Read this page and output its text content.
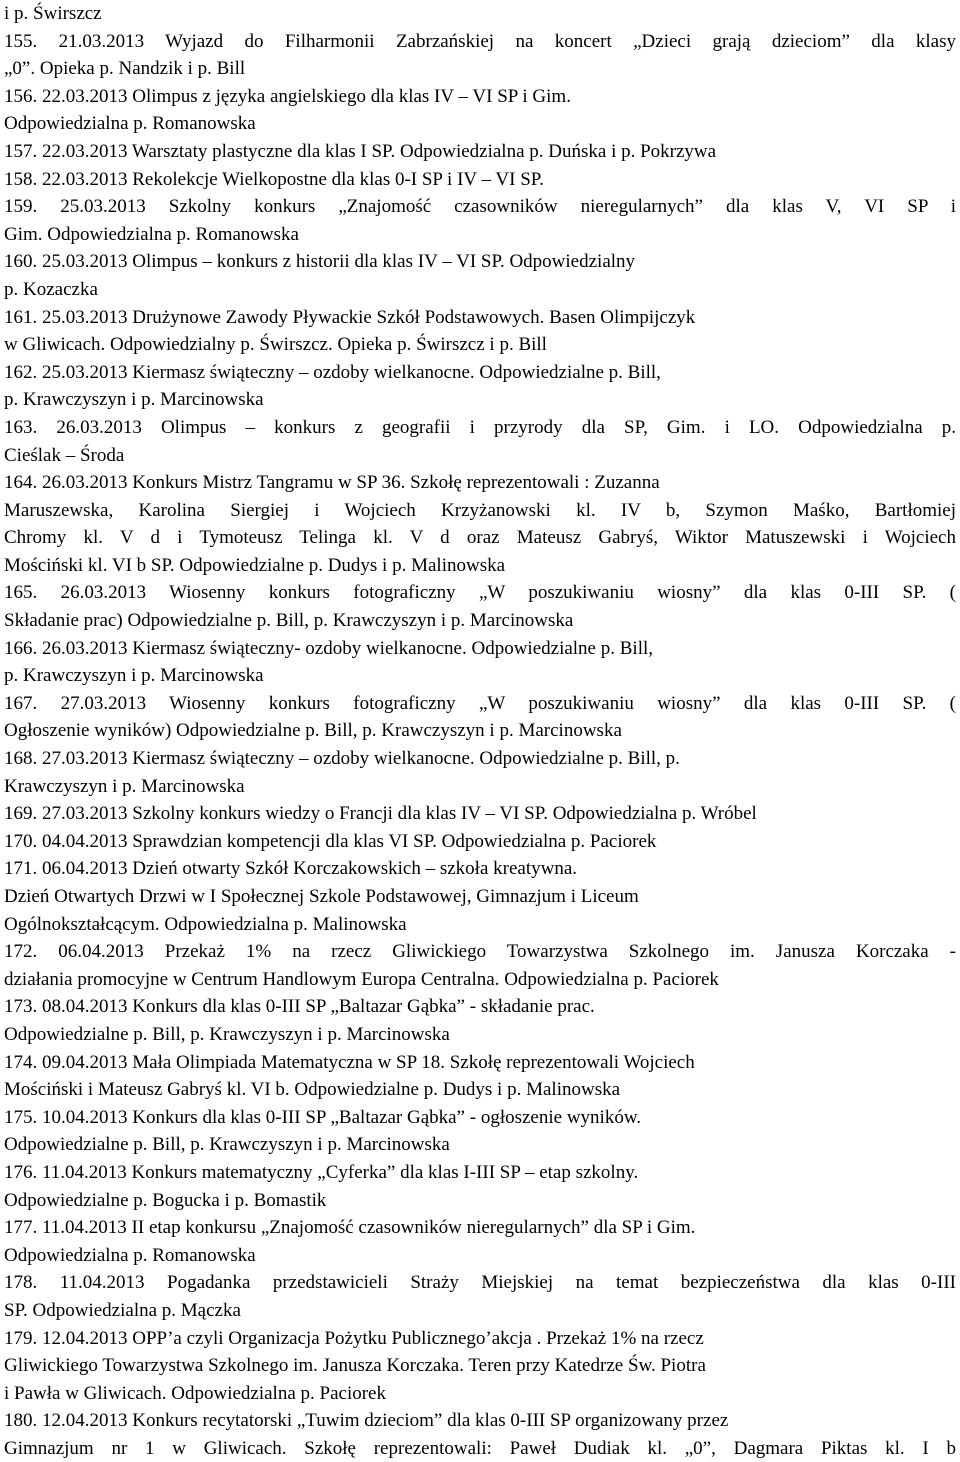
i p. Świrszcz
155. 21.03.2013 Wyjazd do Filharmonii Zabrzańskiej na koncert „Dzieci grają dzieciom” dla klasy
„0”. Opieka p. Nandzik i p. Bill
156. 22.03.2013 Olimpus z języka angielskiego dla klas IV – VI SP i Gim.
Odpowiedzialna p. Romanowska
157. 22.03.2013 Warsztaty plastyczne dla klas I SP. Odpowiedzialna p. Duńska i p. Pokrzywa
158. 22.03.2013 Rekolekcje Wielkopostne dla klas 0-I SP i IV – VI SP.
159. 25.03.2013 Szkolny konkurs „Znajomość czasowników nieregularnych” dla klas V, VI SP i
Gim. Odpowiedzialna p. Romanowska
160. 25.03.2013 Olimpus – konkurs z historii dla klas IV – VI SP. Odpowiedzialny
p. Kozaczka
161. 25.03.2013 Drużynowe Zawody Pływackie Szkół Podstawowych. Basen Olimpijczyk
w Gliwicach. Odpowiedzialny p. Świrszcz. Opieka p. Świrszcz i p. Bill
162. 25.03.2013 Kiermasz świąteczny – ozdoby wielkanocne. Odpowiedzialne p. Bill,
p. Krawczyszyn i p. Marcinowska
163. 26.03.2013 Olimpus – konkurs z geografii i przyrody dla SP, Gim. i LO. Odpowiedzialna p.
Cieślak – Środa
164. 26.03.2013 Konkurs Mistrz Tangramu w SP 36. Szkołę reprezentowali : Zuzanna
Maruszewska, Karolina Siergiej i Wojciech Krzyżanowski kl. IV b, Szymon Maśko, Bartłomiej
Chromy kl. V d i Tymoteusz Telinga kl. V d oraz Mateusz Gabryś, Wiktor Matuszewski i Wojciech
Mościński kl. VI b SP. Odpowiedzialne p. Dudys i p. Malinowska
165. 26.03.2013 Wiosenny konkurs fotograficzny „W poszukiwaniu wiosny” dla klas 0-III SP. (
Składanie prac) Odpowiedzialne p. Bill, p. Krawczyszyn i p. Marcinowska
166. 26.03.2013 Kiermasz świąteczny- ozdoby wielkanocne. Odpowiedzialne p. Bill,
p. Krawczyszyn i p. Marcinowska
167. 27.03.2013 Wiosenny konkurs fotograficzny „W poszukiwaniu wiosny” dla klas 0-III SP. (
Ogłoszenie wyników) Odpowiedzialne p. Bill, p. Krawczyszyn i p. Marcinowska
168. 27.03.2013 Kiermasz świąteczny – ozdoby wielkanocne. Odpowiedzialne p. Bill, p.
Krawczyszyn i p. Marcinowska
169. 27.03.2013 Szkolny konkurs wiedzy o Francji dla klas IV – VI SP. Odpowiedzialna p. Wróbel
170. 04.04.2013 Sprawdzian kompetencji dla klas VI SP. Odpowiedzialna p. Paciorek
171. 06.04.2013 Dzień otwarty Szkół Korczakowskich – szkoła kreatywna.
Dzień Otwartych Drzwi w I Społecznej Szkole Podstawowej, Gimnazjum i Liceum
Ogólnokształcącym. Odpowiedzialna p. Malinowska
172. 06.04.2013 Przekaż 1% na rzecz Gliwickiego Towarzystwa Szkolnego im. Janusza Korczaka -
działania promocyjne w Centrum Handlowym Europa Centralna. Odpowiedzialna p. Paciorek
173. 08.04.2013 Konkurs dla klas 0-III SP „Baltazar Gąbka” - składanie prac.
Odpowiedzialne p. Bill, p. Krawczyszyn i p. Marcinowska
174. 09.04.2013 Mała Olimpiada Matematyczna w SP 18. Szkołę reprezentowali Wojciech
Mościński i Mateusz Gabryś kl. VI b. Odpowiedzialne p. Dudys i p. Malinowska
175. 10.04.2013 Konkurs dla klas 0-III SP „Baltazar Gąbka” - ogłoszenie wyników.
Odpowiedzialne p. Bill, p. Krawczyszyn i p. Marcinowska
176. 11.04.2013 Konkurs matematyczny „Cyferka” dla klas I-III SP – etap szkolny.
Odpowiedzialne p. Bogucka i p. Bomastik
177. 11.04.2013 II etap konkursu „Znajomość czasowników nieregularnych” dla SP i Gim.
Odpowiedzialna p. Romanowska
178. 11.04.2013 Pogadanka przedstawicieli Straży Miejskiej na temat bezpieczeństwa dla klas 0-III
SP. Odpowiedzialna p. Mączka
179. 12.04.2013 OPP’a czyli Organizacja Pożytku Publicznego’akcja . Przekaż 1% na rzecz
Gliwickiego Towarzystwa Szkolnego im. Janusza Korczaka. Teren przy Katedrze Św. Piotra
i Pawła w Gliwicach. Odpowiedzialna p. Paciorek
180. 12.04.2013 Konkurs recytatorski „Tuwim dzieciom” dla klas 0-III SP organizowany przez
Gimnazjum nr 1 w Gliwicach. Szkołę reprezentowali: Paweł Dudiak kl. „0”, Dagmara Piktas kl. I b
